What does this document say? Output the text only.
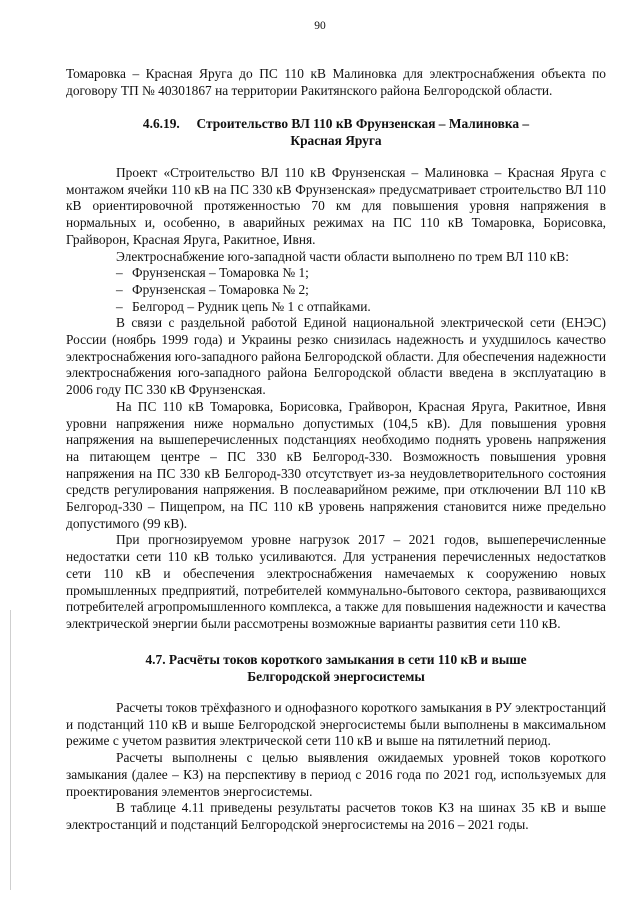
90

Томаровка – Красная Яруга до ПС 110 кВ Малиновка для электроснабжения объекта по договору ТП № 40301867 на территории Ракитянского района Белгородской области.

4.6.19. Строительство ВЛ 110 кВ Фрунзенская – Малиновка –
Красная Яруга

Проект «Строительство ВЛ 110 кВ Фрунзенская – Малиновка – Красная Яруга с монтажом ячейки 110 кВ на ПС 330 кВ Фрунзенская» предусматривает строительство ВЛ 110 кВ ориентировочной протяженностью 70 км для повышения уровня напряжения в нормальных и, особенно, в аварийных режимах на ПС 110 кВ Томаровка, Борисовка, Грайворон, Красная Яруга, Ракитное, Ивня.

Электроснабжение юго-западной части области выполнено по трем ВЛ 110 кВ:

– Фрунзенская – Томаровка № 1;
– Фрунзенская – Томаровка № 2;
– Белгород – Рудник цепь № 1 с отпайками.

В связи с раздельной работой Единой национальной электрической сети (ЕНЭС) России (ноябрь 1999 года) и Украины резко снизилась надежность и ухудшилось качество электроснабжения юго-западного района Белгородской области. Для обеспечения надежности электроснабжения юго-западного района Белгородской области введена в эксплуатацию в 2006 году ПС 330 кВ Фрунзенская.

На ПС 110 кВ Томаровка, Борисовка, Грайворон, Красная Яруга, Ракитное, Ивня уровни напряжения ниже нормально допустимых (104,5 кВ). Для повышения уровня напряжения на вышеперечисленных подстанциях необходимо поднять уровень напряжения на питающем центре – ПС 330 кВ Белгород-330. Возможность повышения уровня напряжения на ПС 330 кВ Белгород-330 отсутствует из-за неудовлетворительного состояния средств регулирования напряжения. В послеаварийном режиме, при отключении ВЛ 110 кВ Белгород-330 – Пищепром, на ПС 110 кВ уровень напряжения становится ниже предельно допустимого (99 кВ).

При прогнозируемом уровне нагрузок 2017 – 2021 годов, вышеперечисленные недостатки сети 110 кВ только усиливаются. Для устранения перечисленных недостатков сети 110 кВ и обеспечения электроснабжения намечаемых к сооружению новых промышленных предприятий, потребителей коммунально-бытового сектора, развивающихся потребителей агропромышленного комплекса, а также для повышения надежности и качества электрической энергии были рассмотрены возможные варианты развития сети 110 кВ.

4.7. Расчёты токов короткого замыкания в сети 110 кВ и выше
Белгородской энергосистемы

Расчеты токов трёхфазного и однофазного короткого замыкания в РУ электростанций и подстанций 110 кВ и выше Белгородской энергосистемы были выполнены в максимальном режиме с учетом развития электрической сети 110 кВ и выше на пятилетний период.

Расчеты выполнены с целью выявления ожидаемых уровней токов короткого замыкания (далее – КЗ) на перспективу в период с 2016 года по 2021 год, используемых для проектирования элементов энергосистемы.

В таблице 4.11 приведены результаты расчетов токов КЗ на шинах 35 кВ и выше электростанций и подстанций Белгородской энергосистемы на 2016 – 2021 годы.
